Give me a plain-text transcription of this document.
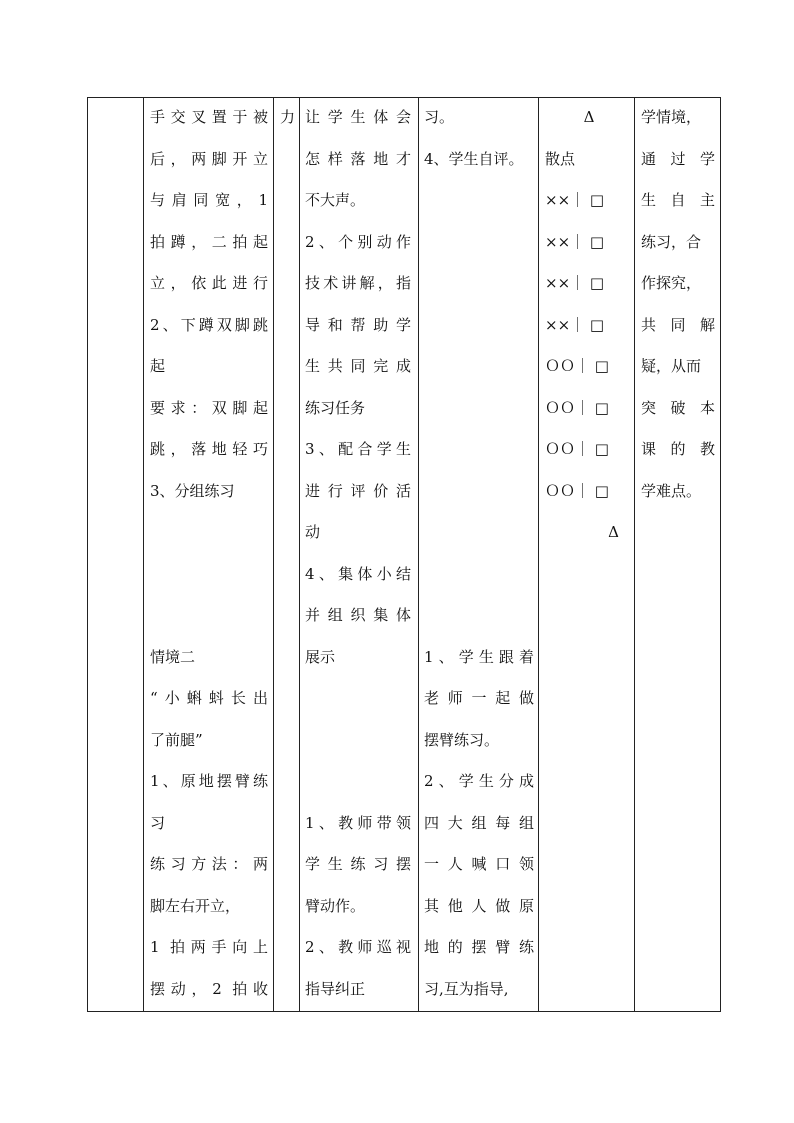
手交叉置于被
后，两脚开立
与肩同宽，1
拍蹲，二拍起
立，依此进行
2、下蹲双脚跳
起
要求：双脚起
跳，落地轻巧
3、分组练习
情境二
“小蝌蚪长出
了前腿”
1、原地摆臂练
习
练习方法：两
脚左右开立，
1 拍两手向上
摆动，2 拍收
力 让学生体会
怎样落地才
不大声。
2、个别动作
技术讲解，指
导和帮助学
生共同完成
练习任务
3、配合学生
进行评价活
动
4、集体小结
并组织集体
展示
1、教师带领
学生练习摆
臂动作。
2、教师巡视
指导纠正
习。
4、学生自评。
1、学生跟着
老师一起做
摆臂练习。
2、学生分成
四大组每组
一人喊口领
其他人做原
地的摆臂练
习,互为指导,
Δ
散点
××｜ □
××｜ □
××｜ □
××｜ □
ＯＯ｜ □
ＯＯ｜ □
ＯＯ｜ □
ＯＯ｜ □
Δ
学情境，
通过学
生自主
练习，合
作探究，
共同解
疑，从而
突破本
课的教
学难点。
